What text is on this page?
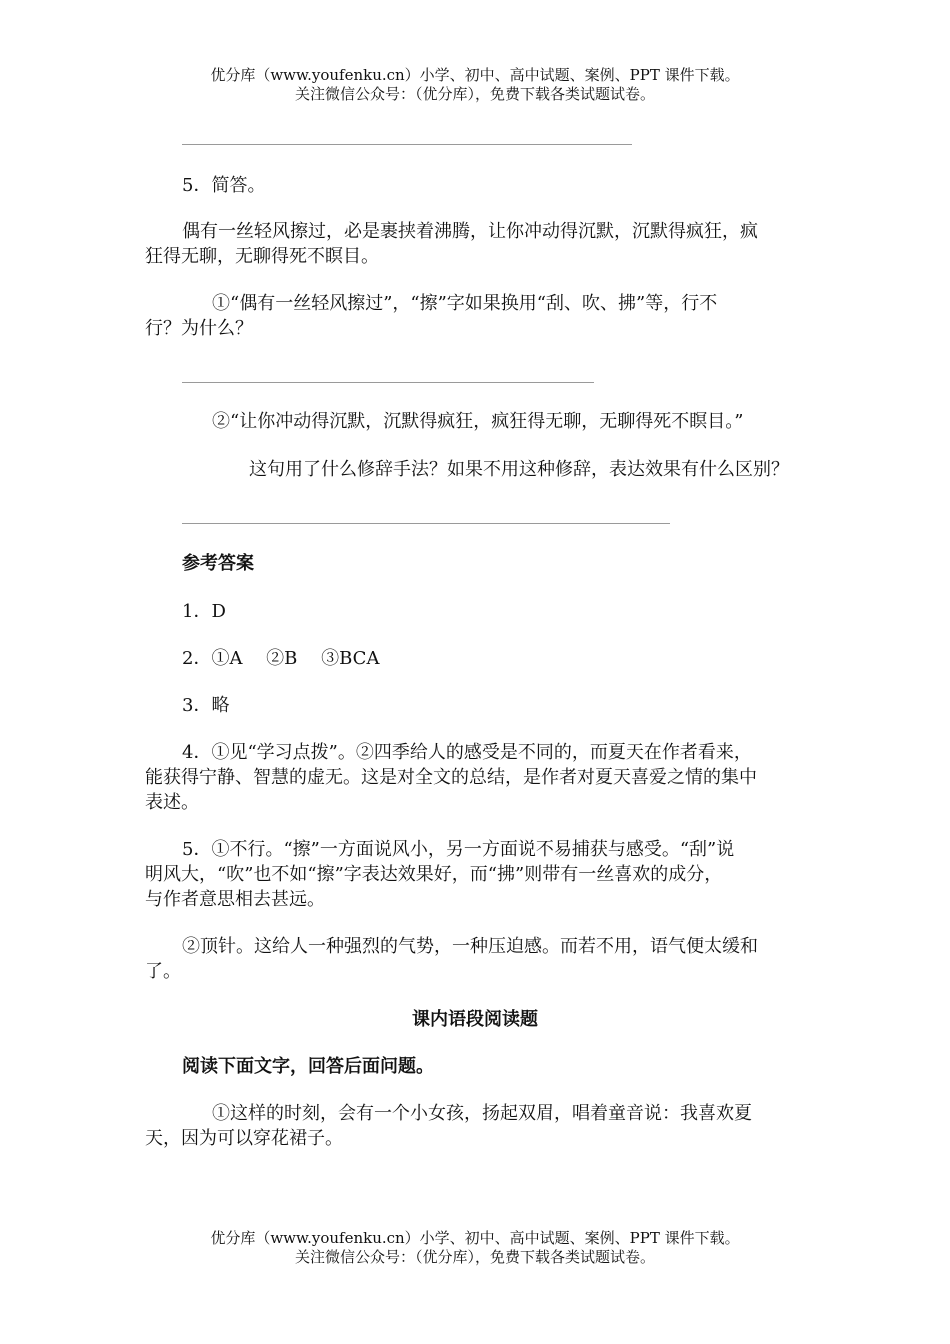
优分库（www.youfenku.cn）小学、初中、高中试题、案例、PPT 课件下载。
关注微信公众号：（优分库），免费下载各类试题试卷。

5．简答。

偶有一丝轻风擦过，必是裹挟着沸腾，让你冲动得沉默，沉默得疯狂，疯

狂得无聊，无聊得死不瞑目。

①“偶有一丝轻风擦过”，“擦”字如果换用“刮、吹、拂”等，行不

行？为什么？

②“让你冲动得沉默，沉默得疯狂，疯狂得无聊，无聊得死不瞑目。”

这句用了什么修辞手法？如果不用这种修辞，表达效果有什么区别？

参考答案

1．D

2．①A　 ②B　 ③BCA

3．略

4．①见“学习点拨”。②四季给人的感受是不同的，而夏天在作者看来，

能获得宁静、智慧的虚无。这是对全文的总结，是作者对夏天喜爱之情的集中

表述。

5．①不行。“擦”一方面说风小，另一方面说不易捕获与感受。“刮”说

明风大，“吹”也不如“擦”字表达效果好，而“拂”则带有一丝喜欢的成分，

与作者意思相去甚远。

②顶针。这给人一种强烈的气势，一种压迫感。而若不用，语气便太缓和

了。

课内语段阅读题

阅读下面文字，回答后面问题。

①这样的时刻，会有一个小女孩，扬起双眉，唱着童音说：我喜欢夏

天，因为可以穿花裙子。

优分库（www.youfenku.cn）小学、初中、高中试题、案例、PPT 课件下载。
关注微信公众号：（优分库），免费下载各类试题试卷。
